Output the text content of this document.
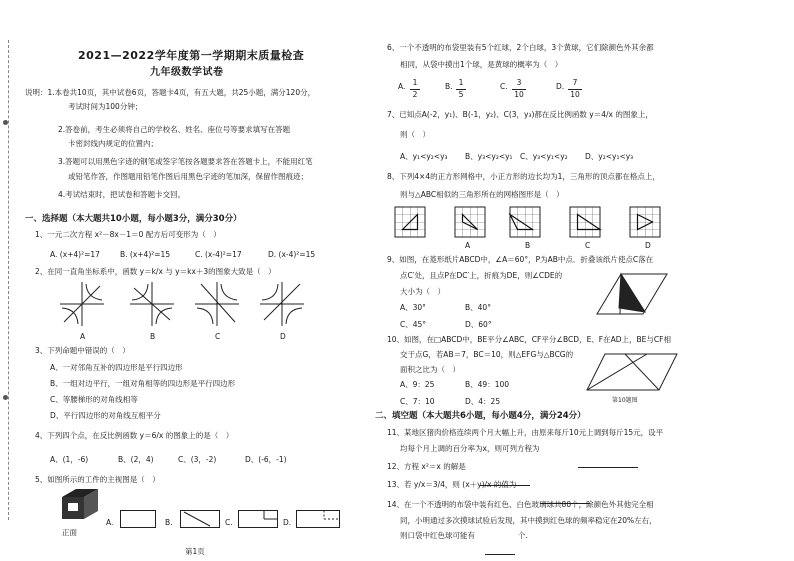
2021—2022学年度第一学期期末质量检查
九年级数学试卷
说明：1.本卷共10页，其中试卷6页，答题卡4页，有五大题，共25小题，满分120分，
考试时间为100分钟；
2.答卷前，考生必须将自己的学校名、姓名、座位号等要求填写在答题
卡密封线内规定的位置内；
3.答题可以用黑色字迹的钢笔或签字笔按各题要求答在答题卡上，不能用红笔
或铅笔作答，作图题用铅笔作图后用黑色字迹的笔加深，保留作图痕迹；
4.考试结束时，把试卷和答题卡交回。
一、选择题（本大题共10小题，每小题3分，满分30分）
1、一元二次方程 x²－8x－1＝0 配方后可变形为（　）
A. (x+4)²=17	B. (x+4)²=15	C. (x-4)²=17	D. (x-4)²=15
2、在同一直角坐标系中，函数 y＝k/x 与 y＝kx＋3的图象大致是（　）
A	B	C	D
3、下列命题中错误的（　）
A、一对邻角互补的四边形是平行四边形
B、一组对边平行，一组对角相等的四边形是平行四边形
C、等腰梯形的对角线相等
D、平行四边形的对角线互相平分
4、下列四个点，在反比例函数 y＝6/x 的图象上的是（　）
A、(1，-6)	B、(2，4)	C、(3，-2)	D、(-6，-1)
5、如图所示的工件的主视图是（　）
正面
A.	B.	C.	D.
第1页
6、一个不透明的布袋里装有5个红球，2个白球，3个黄球，它们除颜色外其余都
相同，从袋中摸出1个球，是黄球的概率为（　）
A. 1
2
B. 1
5
C.	3
10
D.	7
10
7、已知点A(-2，y₁)、B(-1，y₂)、C(3，y₃)都在反比例函数 y＝4/x 的图象上，
则（　）
A、y₁<y₂<y₃ B、y₃<y₂<y₁ C、y₃<y₁<y₂ D、y₂<y₁<y₃
8、下列4×4的正方形网格中，小正方形的边长均为1，三角形的顶点都在格点上，
则与△ABC相似的三角形所在的网格图形是（　）
A	B	C	D
9、如图，在菱形纸片ABCD中，∠A＝60°，P为AB中点．折叠该纸片使点C落在
点C′处，且点P在DC′上，折痕为DE，则∠CDE的
大小为（　）
A、30°	B、40°
C、45°	D、60°
10、如图，在□ABCD中，BE平分∠ABC，CF平分∠BCD，E、F在AD上，BE与CF相
交于点G，若AB＝7，BC＝10，则△EFG与△BCG的
面积之比为（　）
A、9：25	B、49：100
C、7：10	D、4：25	第10题图
二、填空题（本大题共6小题，每小题4分，满分24分）
11、某地区猪肉价格连续两个月大幅上升，由原来每斤10元上调到每斤15元，设平
均每个月上调的百分率为x，则可列方程为
12、方程 x²＝x 的解是
13、若 y/x＝3/4，则 (x＋y)/x 的值为
14、在一个不透明的布袋中装有红色、白色玻璃球共80个，除颜色外其他完全相
同，小明通过多次摸球试验后发现，其中摸到红色球的频率稳定在20%左右，
则口袋中红色球可能有	个.
